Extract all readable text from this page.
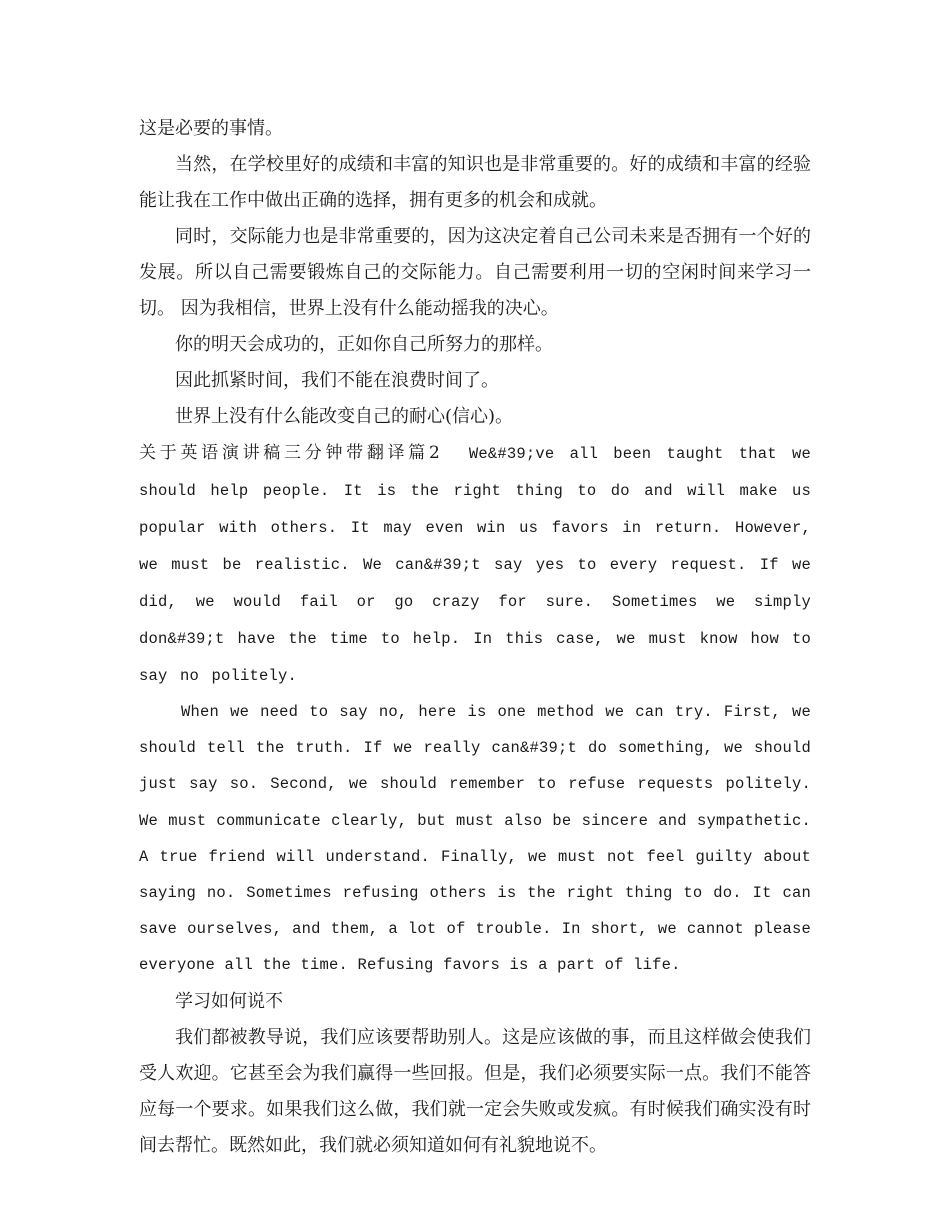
这是必要的事情。

当然，在学校里好的成绩和丰富的知识也是非常重要的。好的成绩和丰富的经验能让我在工作中做出正确的选择，拥有更多的机会和成就。

同时，交际能力也是非常重要的，因为这决定着自己公司未来是否拥有一个好的发展。所以自己需要锻炼自己的交际能力。自己需要利用一切的空闲时间来学习一切。 因为我相信，世界上没有什么能动摇我的决心。

你的明天会成功的，正如你自己所努力的那样。

因此抓紧时间，我们不能在浪费时间了。

世界上没有什么能改变自己的耐心(信心)。

关于英语演讲稿三分钟带翻译篇2 We&#39;ve all been taught that we should help people. It is the right thing to do and will make us popular with others. It may even win us favors in return. However, we must be realistic. We can&#39;t say yes to every request. If we did, we would fail or go crazy for sure. Sometimes we simply don&#39;t have the time to help. In this case, we must know how to say no politely.

When we need to say no, here is one method we can try. First, we should tell the truth. If we really can&#39;t do something, we should just say so. Second, we should remember to refuse requests politely. We must communicate clearly, but must also be sincere and sympathetic. A true friend will understand. Finally, we must not feel guilty about saying no. Sometimes refusing others is the right thing to do. It can save ourselves, and them, a lot of trouble. In short, we cannot please everyone all the time. Refusing favors is a part of life.

学习如何说不

我们都被教导说，我们应该要帮助别人。这是应该做的事，而且这样做会使我们受人欢迎。它甚至会为我们赢得一些回报。但是，我们必须要实际一点。我们不能答应每一个要求。如果我们这么做，我们就一定会失败或发疯。有时候我们确实没有时间去帮忙。既然如此，我们就必须知道如何有礼貌地说不。
